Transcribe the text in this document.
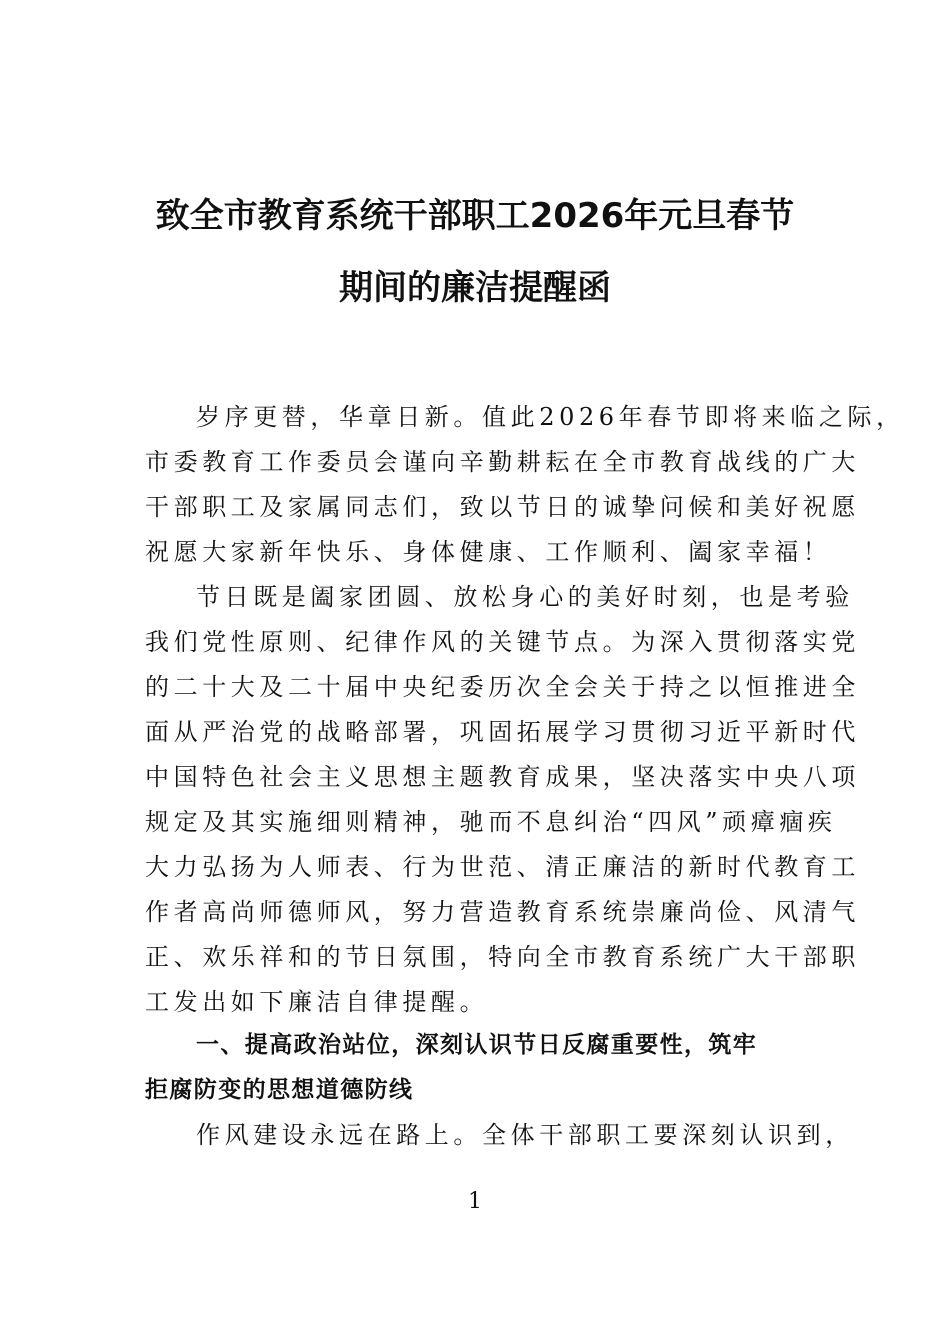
致全市教育系统干部职工2026年元旦春节
期间的廉洁提醒函
岁序更替，华章日新。值此2026年春节即将来临之际，
市委教育工作委员会谨向辛勤耕耘在全市教育战线的广大
干部职工及家属同志们，致以节日的诚挚问候和美好祝愿
祝愿大家新年快乐、身体健康、工作顺利、阖家幸福！
节日既是阖家团圆、放松身心的美好时刻，也是考验
我们党性原则、纪律作风的关键节点。为深入贯彻落实党
的二十大及二十届中央纪委历次全会关于持之以恒推进全
面从严治党的战略部署，巩固拓展学习贯彻习近平新时代
中国特色社会主义思想主题教育成果，坚决落实中央八项
规定及其实施细则精神，驰而不息纠治“四风”顽瘴痼疾
大力弘扬为人师表、行为世范、清正廉洁的新时代教育工
作者高尚师德师风，努力营造教育系统崇廉尚俭、风清气
正、欢乐祥和的节日氛围，特向全市教育系统广大干部职
工发出如下廉洁自律提醒。
一、提高政治站位，深刻认识节日反腐重要性，筑牢
拒腐防变的思想道德防线
作风建设永远在路上。全体干部职工要深刻认识到，
1
